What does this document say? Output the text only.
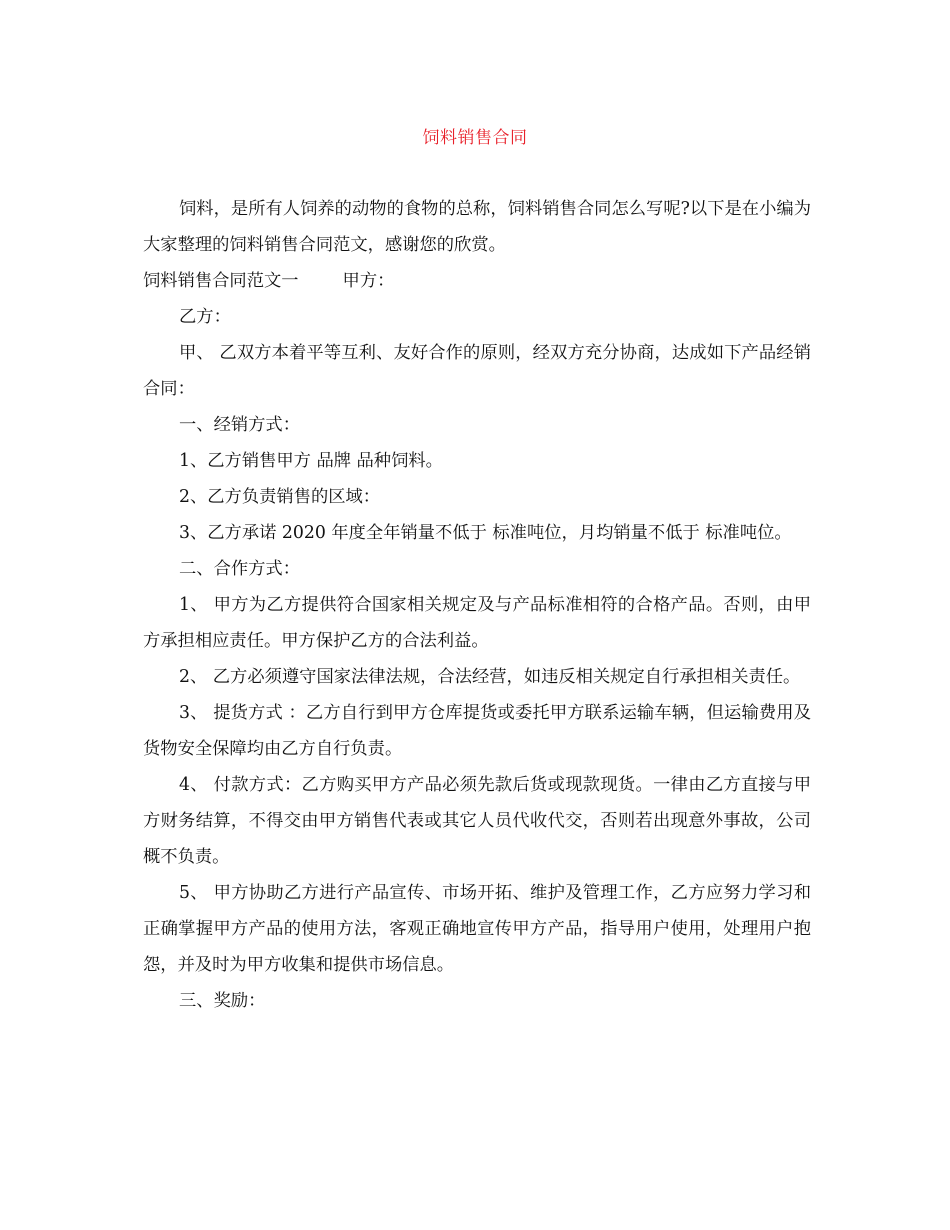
饲料销售合同

饲料，是所有人饲养的动物的食物的总称，饲料销售合同怎么写呢?以下是在小编为大家整理的饲料销售合同范文，感谢您的欣赏。

饲料销售合同范文一	甲方：

乙方：

甲、 乙双方本着平等互利、友好合作的原则，经双方充分协商，达成如下产品经销合同：

一、经销方式：

1、乙方销售甲方 品牌 品种饲料。

2、乙方负责销售的区域：

3、乙方承诺 2020 年度全年销量不低于 标准吨位，月均销量不低于 标准吨位。

二、合作方式：

1、 甲方为乙方提供符合国家相关规定及与产品标准相符的合格产品。否则，由甲方承担相应责任。甲方保护乙方的合法利益。

2、 乙方必须遵守国家法律法规，合法经营，如违反相关规定自行承担相关责任。

3、 提货方式 ：乙方自行到甲方仓库提货或委托甲方联系运输车辆，但运输费用及货物安全保障均由乙方自行负责。

4、 付款方式：乙方购买甲方产品必须先款后货或现款现货。一律由乙方直接与甲方财务结算，不得交由甲方销售代表或其它人员代收代交，否则若出现意外事故，公司概不负责。

5、 甲方协助乙方进行产品宣传、市场开拓、维护及管理工作，乙方应努力学习和正确掌握甲方产品的使用方法，客观正确地宣传甲方产品，指导用户使用，处理用户抱怨，并及时为甲方收集和提供市场信息。

三、奖励：
